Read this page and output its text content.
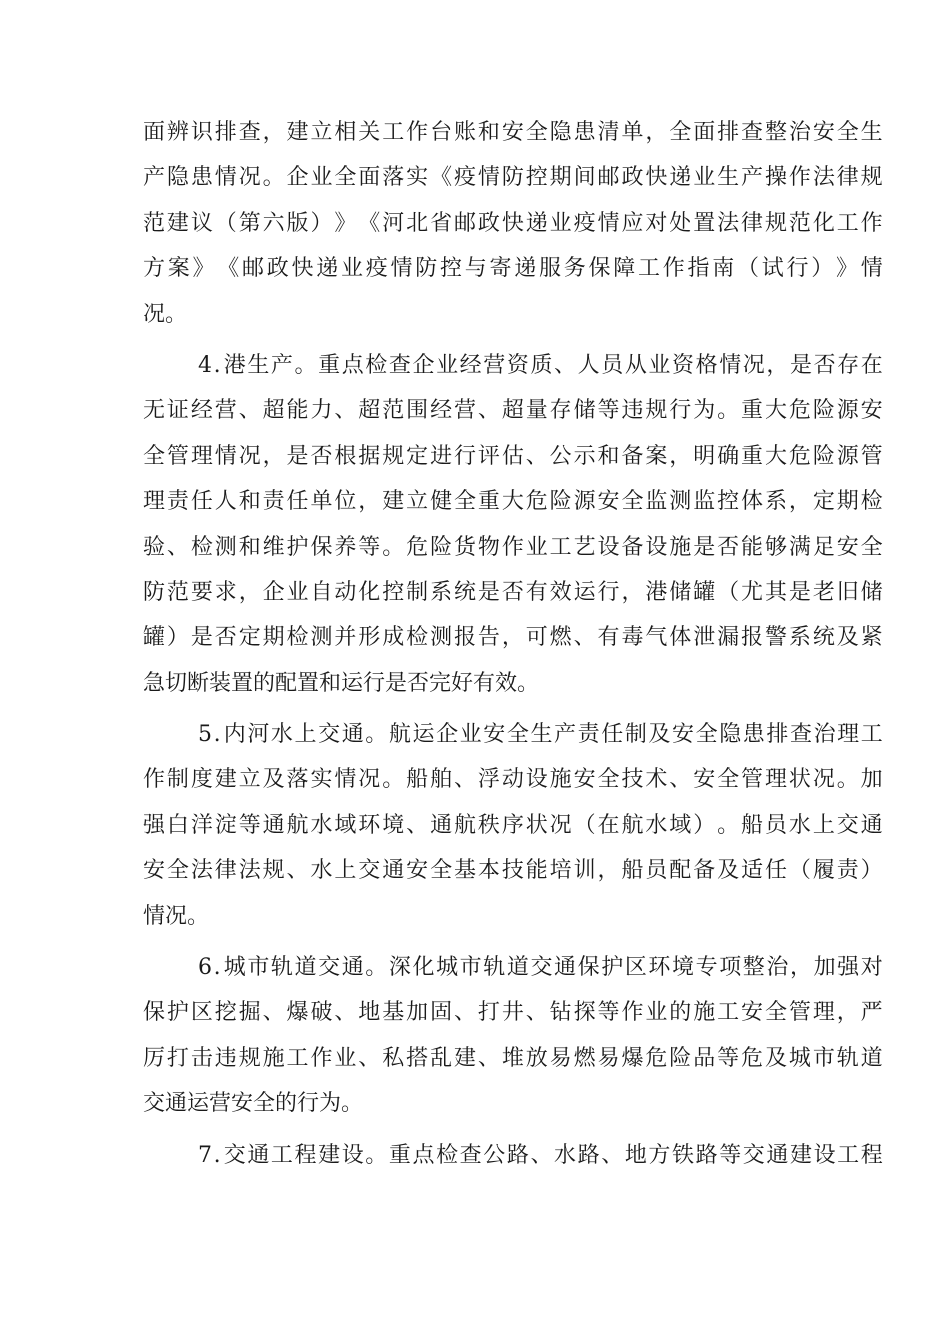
面 辨 识 排 查 ， 建 立 相 关 工 作 台 账 和 安 全 隐 患 清 单 ， 全 面 排 查 整 治 安 全 生
产 隐 患 情 况 。 企 业 全 面 落 实 《 疫 情 防 控 期 间 邮 政 快 递 业 生 产 操 作 法 律 规
范 建 议 （ 第 六 版 ） 》 《 河 北 省 邮 政 快 递 业 疫 情 应 对 处 置 法 律 规 范 化 工 作
方 案 》 《 邮 政 快 递 业 疫 情 防 控 与 寄 递 服 务 保 障 工 作 指 南 （ 试 行 ） 》 情
况。
4 . 港 生 产 。 重 点 检 查 企 业 经 营 资 质 、 人 员 从 业 资 格 情 况 ， 是 否 存 在
无 证 经 营 、 超 能 力 、 超 范 围 经 营 、 超 量 存 储 等 违 规 行 为 。 重 大 危 险 源 安
全 管 理 情 况 ， 是 否 根 据 规 定 进 行 评 估 、 公 示 和 备 案 ， 明 确 重 大 危 险 源 管
理 责 任 人 和 责 任 单 位 ， 建 立 健 全 重 大 危 险 源 安 全 监 测 监 控 体 系 ， 定 期 检
验 、 检 测 和 维 护 保 养 等 。 危 险 货 物 作 业 工 艺 设 备 设 施 是 否 能 够 满 足 安 全
防 范 要 求 ， 企 业 自 动 化 控 制 系 统 是 否 有 效 运 行 ， 港 储 罐 （ 尤 其 是 老 旧 储
罐 ） 是 否 定 期 检 测 并 形 成 检 测 报 告 ， 可 燃 、 有 毒 气 体 泄 漏 报 警 系 统 及 紧
急切断装置的配置和运行是否完好有效。
5 . 内 河 水 上 交 通 。 航 运 企 业 安 全 生 产 责 任 制 及 安 全 隐 患 排 查 治 理 工
作 制 度 建 立 及 落 实 情 况 。 船 舶 、 浮 动 设 施 安 全 技 术 、 安 全 管 理 状 况 。 加
强 白 洋 淀 等 通 航 水 域 环 境 、 通 航 秩 序 状 况 （ 在 航 水 域 ） 。 船 员 水 上 交 通
安 全 法 律 法 规 、 水 上 交 通 安 全 基 本 技 能 培 训 ， 船 员 配 备 及 适 任 （ 履 责 ）
情况。
6 . 城 市 轨 道 交 通 。 深 化 城 市 轨 道 交 通 保 护 区 环 境 专 项 整 治 ， 加 强 对
保 护 区 挖 掘 、 爆 破 、 地 基 加 固 、 打 井 、 钻 探 等 作 业 的 施 工 安 全 管 理 ， 严
厉 打 击 违 规 施 工 作 业 、 私 搭 乱 建 、 堆 放 易 燃 易 爆 危 险 品 等 危 及 城 市 轨 道
交通运营安全的行为。
7 . 交 通 工 程 建 设 。 重 点 检 查 公 路 、 水 路 、 地 方 铁 路 等 交 通 建 设 工 程
